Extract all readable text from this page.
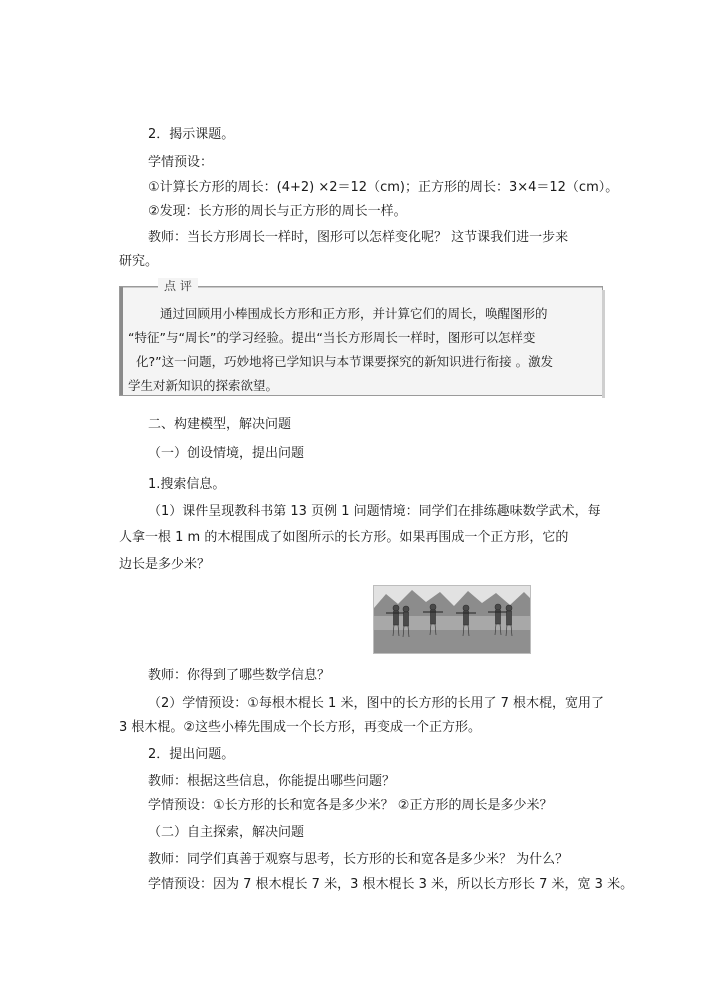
2．揭示课题。
学情预设：
①计算长方形的周长：(4+2) ×2＝12（cm)；正方形的周长：3×4＝12（cm）。
②发现：长方形的周长与正方形的周长一样。
教师：当长方形周长一样时，图形可以怎样变化呢？ 这节课我们进一步来
研究。
点 评

通过回顾用小棒围成长方形和正方形，并计算它们的周长，唤醒图形的

“特征”与“周长”的学习经验。提出“当长方形周长一样时，图形可以怎样变

化?”这一问题，巧妙地将已学知识与本节课要探究的新知识进行衔接 。激发

学生对新知识的探索欲望。

二、构建模型，解决问题
（一）创设情境，提出问题
1.搜索信息。
（1）课件呈现教科书第 13 页例 1 问题情境：同学们在排练趣味数学武术，每
人拿一根 1 m 的木棍围成了如图所示的长方形。如果再围成一个正方形，它的
边长是多少米？
教师：你得到了哪些数学信息？
（2）学情预设：①每根木棍长 1 米，图中的长方形的长用了 7 根木棍，宽用了
3 根木棍。②这些小棒先围成一个长方形，再变成一个正方形。
2．提出问题。
教师：根据这些信息，你能提出哪些问题？
学情预设：①长方形的长和宽各是多少米？ ②正方形的周长是多少米？
（二）自主探索，解决问题
教师：同学们真善于观察与思考，长方形的长和宽各是多少米？ 为什么？
学情预设：因为 7 根木棍长 7 米，3 根木棍长 3 米，所以长方形长 7 米，宽 3 米。
